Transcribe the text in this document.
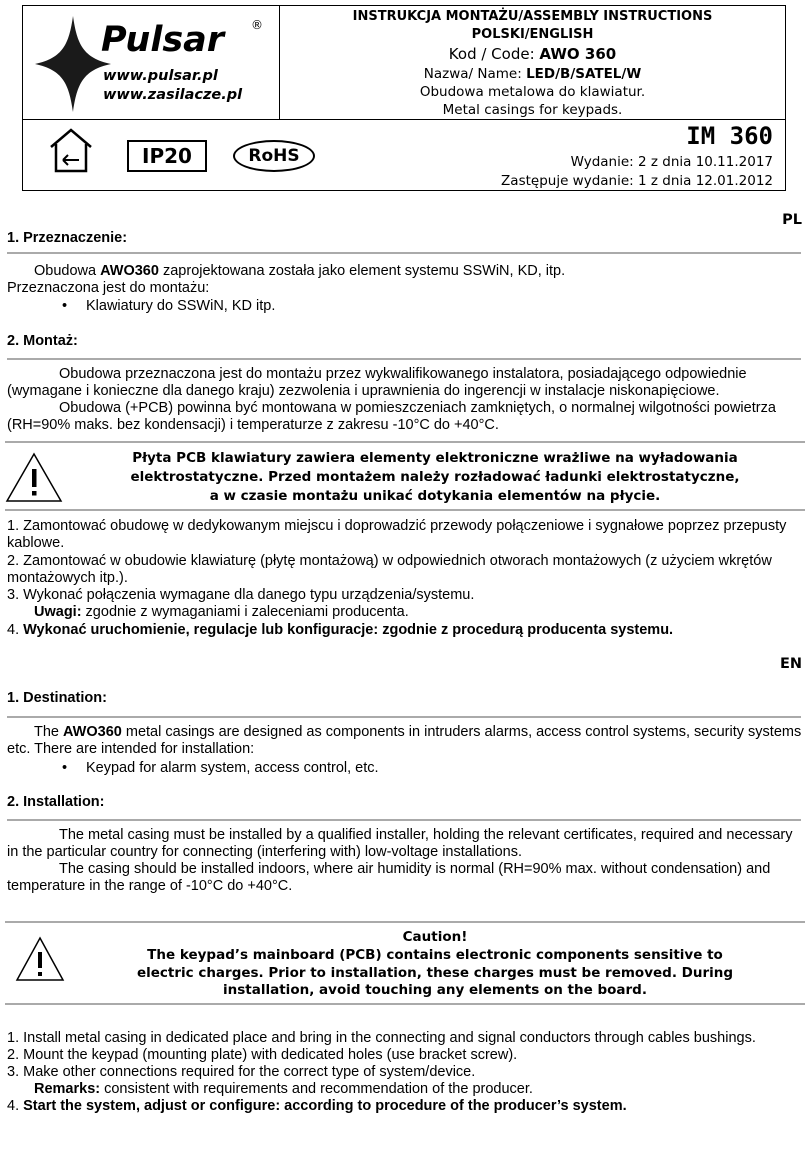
Pulsar ®
www.pulsar.pl
www.zasilacze.pl
INSTRUKCJA MONTAŻU/ASSEMBLY INSTRUCTIONS
POLSKI/ENGLISH
Kod / Code: AWO 360
Nazwa/ Name: LED/B/SATEL/W
Obudowa metalowa do klawiatur.
Metal casings for keypads.
IP20	RoHS
IM 360
Wydanie: 2 z dnia 10.11.2017
Zastępuje wydanie: 1 z dnia 12.01.2012
PL
1. Przeznaczenie:
Obudowa AWO360 zaprojektowana została jako element systemu SSWiN, KD, itp.
Przeznaczona jest do montażu:
• Klawiatury do SSWiN, KD itp.
2. Montaż:
Obudowa przeznaczona jest do montażu przez wykwalifikowanego instalatora, posiadającego odpowiednie (wymagane i konieczne dla danego kraju) zezwolenia i uprawnienia do ingerencji w instalacje niskonapięciowe.
Obudowa (+PCB) powinna być montowana w pomieszczeniach zamkniętych, o normalnej wilgotności powietrza (RH=90% maks. bez kondensacji) i temperaturze z zakresu -10°C do +40°C.
Płyta PCB klawiatury zawiera elementy elektroniczne wrażliwe na wyładowania
elektrostatyczne. Przed montażem należy rozładować ładunki elektrostatyczne,
a w czasie montażu unikać dotykania elementów na płycie.
1. Zamontować obudowę w dedykowanym miejscu i doprowadzić przewody połączeniowe i sygnałowe poprzez przepusty kablowe.
2. Zamontować w obudowie klawiaturę (płytę montażową) w odpowiednich otworach montażowych (z użyciem wkrętów montażowych itp.).
3. Wykonać połączenia wymagane dla danego typu urządzenia/systemu.
Uwagi: zgodnie z wymaganiami i zaleceniami producenta.
4. Wykonać uruchomienie, regulacje lub konfiguracje: zgodnie z procedurą producenta systemu.
EN
1. Destination:
The AWO360 metal casings are designed as components in intruders alarms, access control systems, security systems etc. There are intended for installation:
• Keypad for alarm system, access control, etc.
2. Installation:
The metal casing must be installed by a qualified installer, holding the relevant certificates, required and necessary in the particular country for connecting (interfering with) low-voltage installations.
The casing should be installed indoors, where air humidity is normal (RH=90% max. without condensation) and temperature in the range of -10°C do +40°C.
Caution!
The keypad’s mainboard (PCB) contains electronic components sensitive to
electric charges. Prior to installation, these charges must be removed. During
installation, avoid touching any elements on the board.
1. Install metal casing in dedicated place and bring in the connecting and signal conductors through cables bushings.
2. Mount the keypad (mounting plate) with dedicated holes (use bracket screw).
3. Make other connections required for the correct type of system/device.
Remarks: consistent with requirements and recommendation of the producer.
4. Start the system, adjust or configure: according to procedure of the producer’s system.
